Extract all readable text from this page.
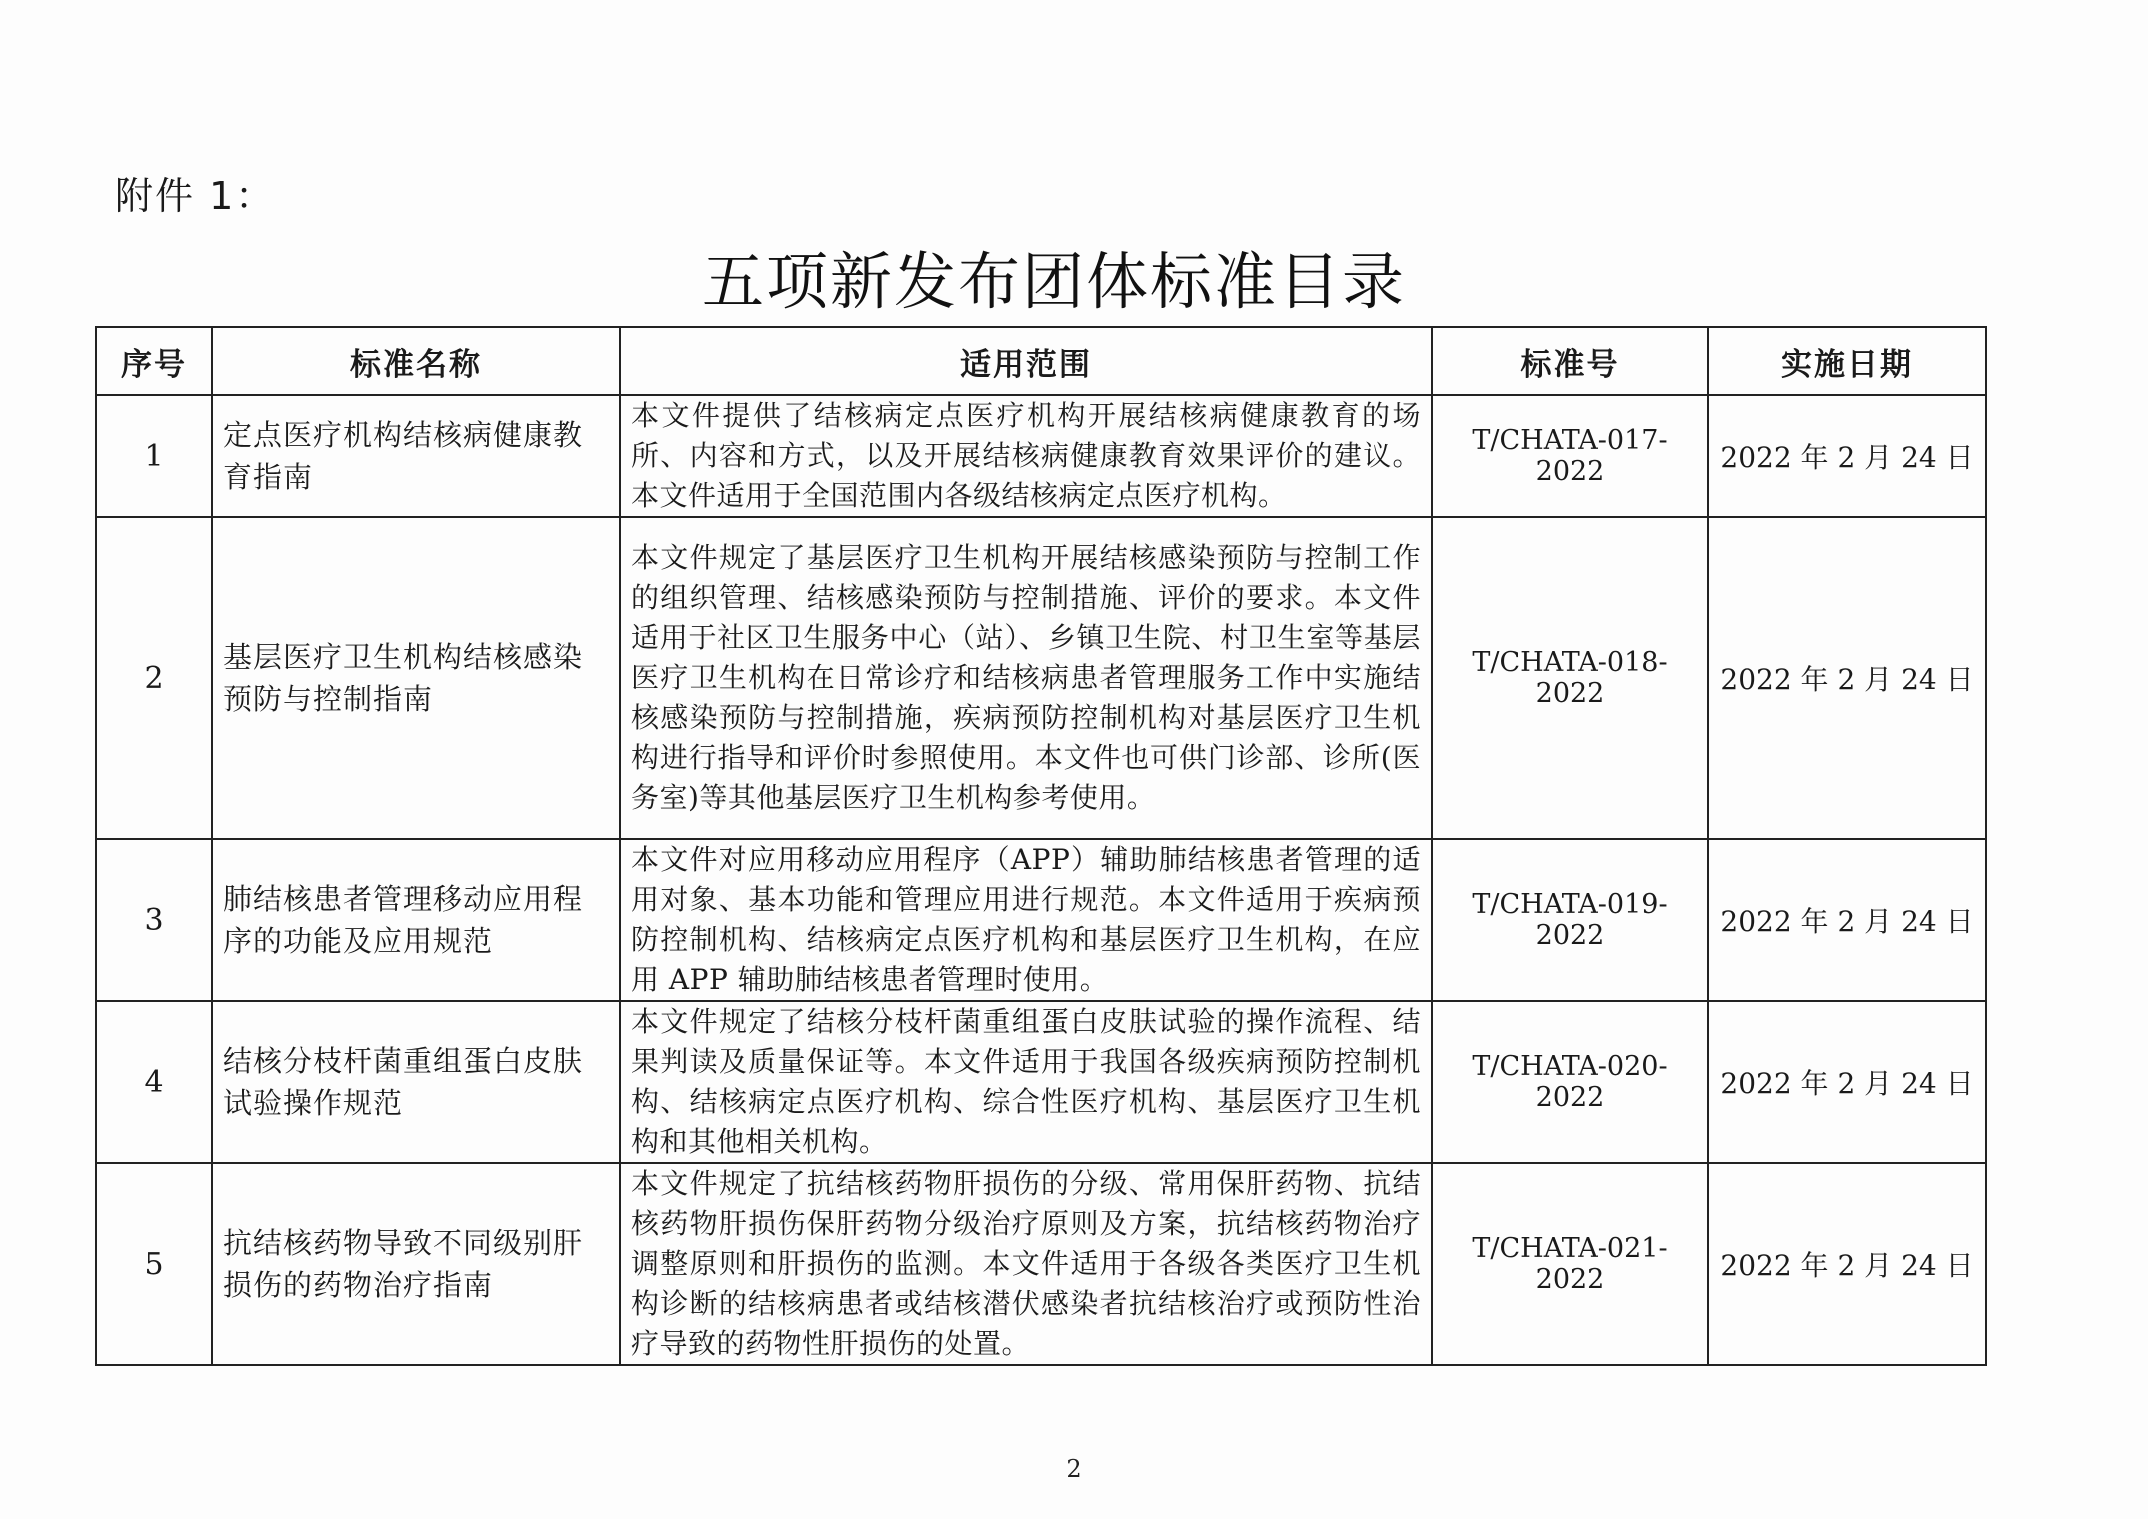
附件 1：
五项新发布团体标准目录
序号	标准名称	适用范围	标准号	实施日期
1	定点医疗机构结核病健康教育指南	本文件提供了结核病定点医疗机构开展结核病健康教育的场所、内容和方式，以及开展结核病健康教育效果评价的建议。本文件适用于全国范围内各级结核病定点医疗机构。	T/CHATA-017-2022	2022 年 2 月 24 日
2	基层医疗卫生机构结核感染预防与控制指南	本文件规定了基层医疗卫生机构开展结核感染预防与控制工作的组织管理、结核感染预防与控制措施、评价的要求。本文件适用于社区卫生服务中心（站）、乡镇卫生院、村卫生室等基层医疗卫生机构在日常诊疗和结核病患者管理服务工作中实施结核感染预防与控制措施，疾病预防控制机构对基层医疗卫生机构进行指导和评价时参照使用。本文件也可供门诊部、诊所(医务室)等其他基层医疗卫生机构参考使用。	T/CHATA-018-2022	2022 年 2 月 24 日
3	肺结核患者管理移动应用程序的功能及应用规范	本文件对应用移动应用程序（APP）辅助肺结核患者管理的适用对象、基本功能和管理应用进行规范。本文件适用于疾病预防控制机构、结核病定点医疗机构和基层医疗卫生机构，在应用 APP 辅助肺结核患者管理时使用。	T/CHATA-019-2022	2022 年 2 月 24 日
4	结核分枝杆菌重组蛋白皮肤试验操作规范	本文件规定了结核分枝杆菌重组蛋白皮肤试验的操作流程、结果判读及质量保证等。本文件适用于我国各级疾病预防控制机构、结核病定点医疗机构、综合性医疗机构、基层医疗卫生机构和其他相关机构。	T/CHATA-020-2022	2022 年 2 月 24 日
5	抗结核药物导致不同级别肝损伤的药物治疗指南	本文件规定了抗结核药物肝损伤的分级、常用保肝药物、抗结核药物肝损伤保肝药物分级治疗原则及方案，抗结核药物治疗调整原则和肝损伤的监测。本文件适用于各级各类医疗卫生机构诊断的结核病患者或结核潜伏感染者抗结核治疗或预防性治疗导致的药物性肝损伤的处置。	T/CHATA-021-2022	2022 年 2 月 24 日
2
